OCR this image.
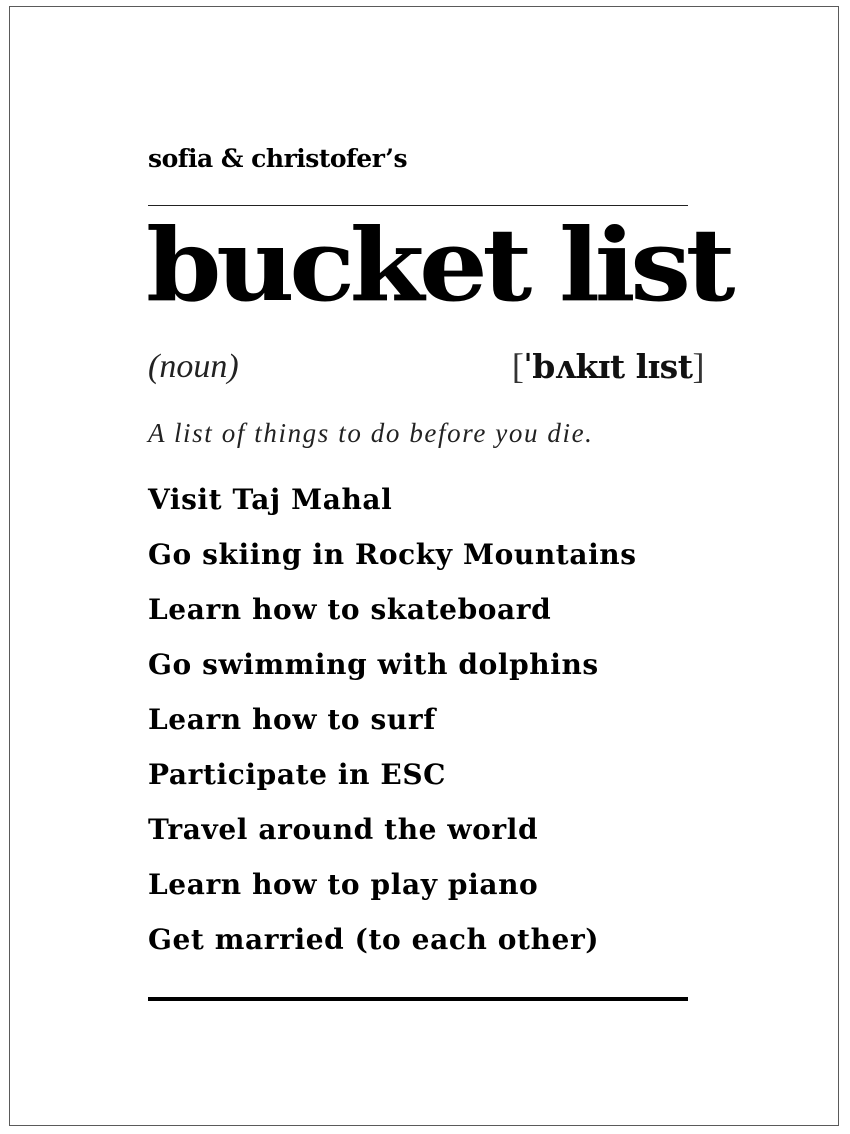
sofia & christofer’s
bucket list
(noun)	[ˈbʌkɪt lɪst]
A list of things to do before you die.
Visit Taj Mahal
Go skiing in Rocky Mountains
Learn how to skateboard
Go swimming with dolphins
Learn how to surf
Participate in ESC
Travel around the world
Learn how to play piano
Get married (to each other)
